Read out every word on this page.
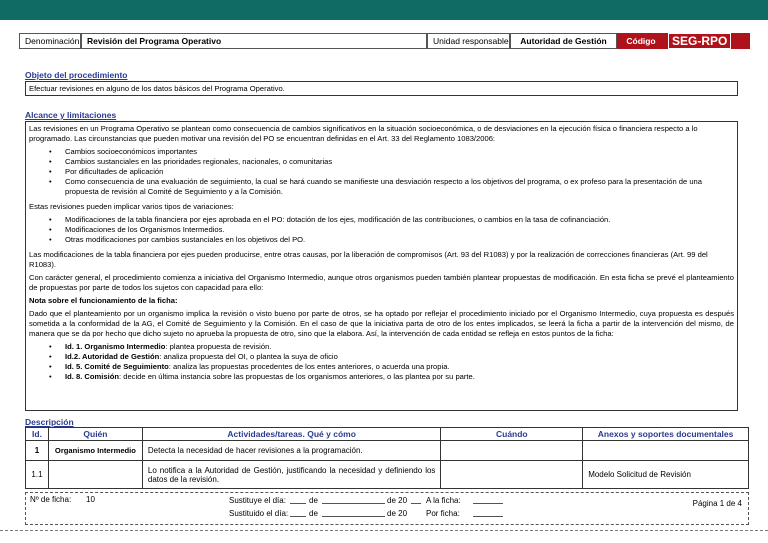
Denominación Revisión del Programa Operativo	Unidad responsable	Autoridad de Gestión	Código	SEG-RPO
Objeto del procedimiento
Efectuar revisiones en alguno de los datos básicos del Programa Operativo.
Alcance y limitaciones

Las revisiones en un Programa Operativo se plantean como consecuencia de cambios significativos en la situación socioeconómica, o de desviaciones en la ejecución física o financiera respecto a lo programado. Las circunstancias que pueden motivar una revisión del PO se encuentran definidas en el Art. 33 del Reglamento 1083/2006:

• Cambios socioeconómicos importantes
• Cambios sustanciales en las prioridades regionales, nacionales, o comunitarias
• Por dificultades de aplicación
• Como consecuencia de una evaluación de seguimiento, la cual se hará cuando se manifieste una desviación respecto a los objetivos del programa, o ex profeso para la presentación de una propuesta de revisión al Comité de Seguimiento y a la Comisión.

Estas revisiones pueden implicar varios tipos de variaciones:

• Modificaciones de la tabla financiera por ejes aprobada en el PO: dotación de los ejes, modificación de las contribuciones, o cambios en la tasa de cofinanciación.
• Modificaciones de los Organismos Intermedios.
• Otras modificaciones por cambios sustanciales en los objetivos del PO.

Las modificaciones de la tabla financiera por ejes pueden producirse, entre otras causas, por la liberación de compromisos (Art. 93 del R1083) y por la realización de correcciones financieras (Art. 99 del R1083).

Con carácter general, el procedimiento comienza a iniciativa del Organismo Intermedio, aunque otros organismos pueden también plantear propuestas de modificación. En esta ficha se prevé el planteamiento de propuestas por parte de todos los sujetos con capacidad para ello:

Nota sobre el funcionamiento de la ficha:

Dado que el planteamiento por un organismo implica la revisión o visto bueno por parte de otros, se ha optado por reflejar el procedimiento iniciado por el Organismo Intermedio, cuya propuesta es después sometida a la conformidad de la AG, el Comité de Seguimiento y la Comisión. En el caso de que la iniciativa parta de otro de los entes implicados, se leerá la ficha a partir de la intervención del mismo, de manera que se da por hecho que dicho sujeto no aprueba la propuesta de otro, sino que la elabora. Así, la intervención de cada entidad se refleja en estos puntos de la ficha:

• Id. 1. Organismo Intermedio: plantea propuesta de revisión.
• Id.2. Autoridad de Gestión: analiza propuesta del OI, o plantea la suya de oficio
• Id. 5. Comité de Seguimiento: analiza las propuestas procedentes de los entes anteriores, o acuerda una propia.
• Id. 8. Comisión: decide en última instancia sobre las propuestas de los organismos anteriores, o las plantea por su parte.
Descripción
Id.	Quién	Actividades/tareas. Qué y cómo	Cuándo	Anexos y soportes documentales
1	Organismo Intermedio	Detecta la necesidad de hacer revisiones a la programación.		
1.1		Lo notifica a la Autoridad de Gestión, justificando la necesidad y definiendo los datos de la revisión.		Modelo Solicitud de Revisión
Nº de ficha: 10	Sustituye el día:	de	de 20 A la ficha:
Sustituido el día:	de	de 20 Por ficha:
Página 1 de 4
